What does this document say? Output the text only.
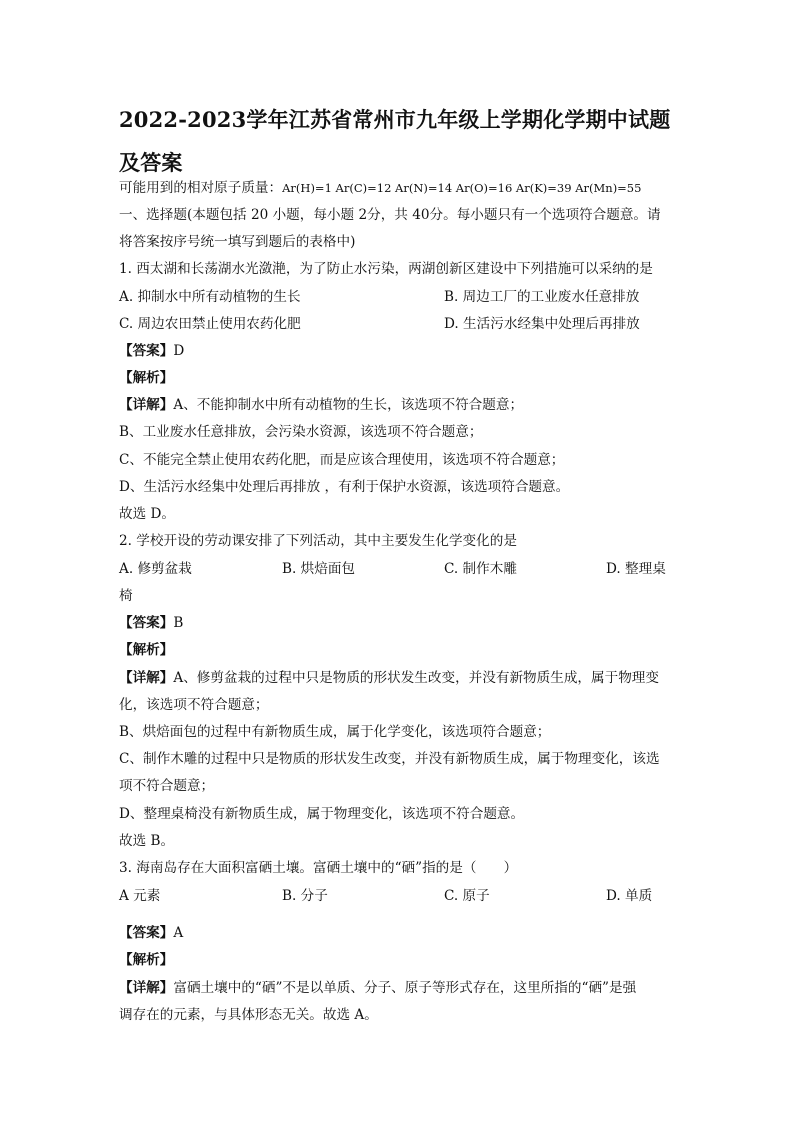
2022-2023学年江苏省常州市九年级上学期化学期中试题及答案
可能用到的相对原子质量：Ar(H)=1 Ar(C)=12 Ar(N)=14 Ar(O)=16 Ar(K)=39 Ar(Mn)=55
一、选择题(本题包括 20 小题，每小题 2分，共 40分。每小题只有一个选项符合题意。请
将答案按序号统一填写到题后的表格中)
1. 西太湖和长荡湖水光潋滟，为了防止水污染，两湖创新区建设中下列措施可以采纳的是
A. 抑制水中所有动植物的生长	B. 周边工厂的工业废水任意排放
C. 周边农田禁止使用农药化肥	D. 生活污水经集中处理后再排放
【答案】D
【解析】
【详解】A、不能抑制水中所有动植物的生长，该选项不符合题意；
B、工业废水任意排放，会污染水资源，该选项不符合题意；
C、不能完全禁止使用农药化肥，而是应该合理使用，该选项不符合题意；
D、生活污水经集中处理后再排放 ，有利于保护水资源，该选项符合题意。
故选 D。
2. 学校开设的劳动课安排了下列活动，其中主要发生化学变化的是
A. 修剪盆栽	B. 烘焙面包	C. 制作木雕	D. 整理桌
椅
【答案】B
【解析】
【详解】A、修剪盆栽的过程中只是物质的形状发生改变，并没有新物质生成，属于物理变
化，该选项不符合题意；
B、烘焙面包的过程中有新物质生成，属于化学变化，该选项符合题意；
C、制作木雕的过程中只是物质的形状发生改变，并没有新物质生成，属于物理变化，该选
项不符合题意；
D、整理桌椅没有新物质生成，属于物理变化，该选项不符合题意。
故选 B。
3. 海南岛存在大面积富硒土壤。富硒土壤中的“硒”指的是（　　）
A 元素	B. 分子	C. 原子	D. 单质
【答案】A
【解析】
【详解】富硒土壤中的“硒”不是以单质、分子、原子等形式存在，这里所指的“硒”是强
调存在的元素，与具体形态无关。故选 A。
